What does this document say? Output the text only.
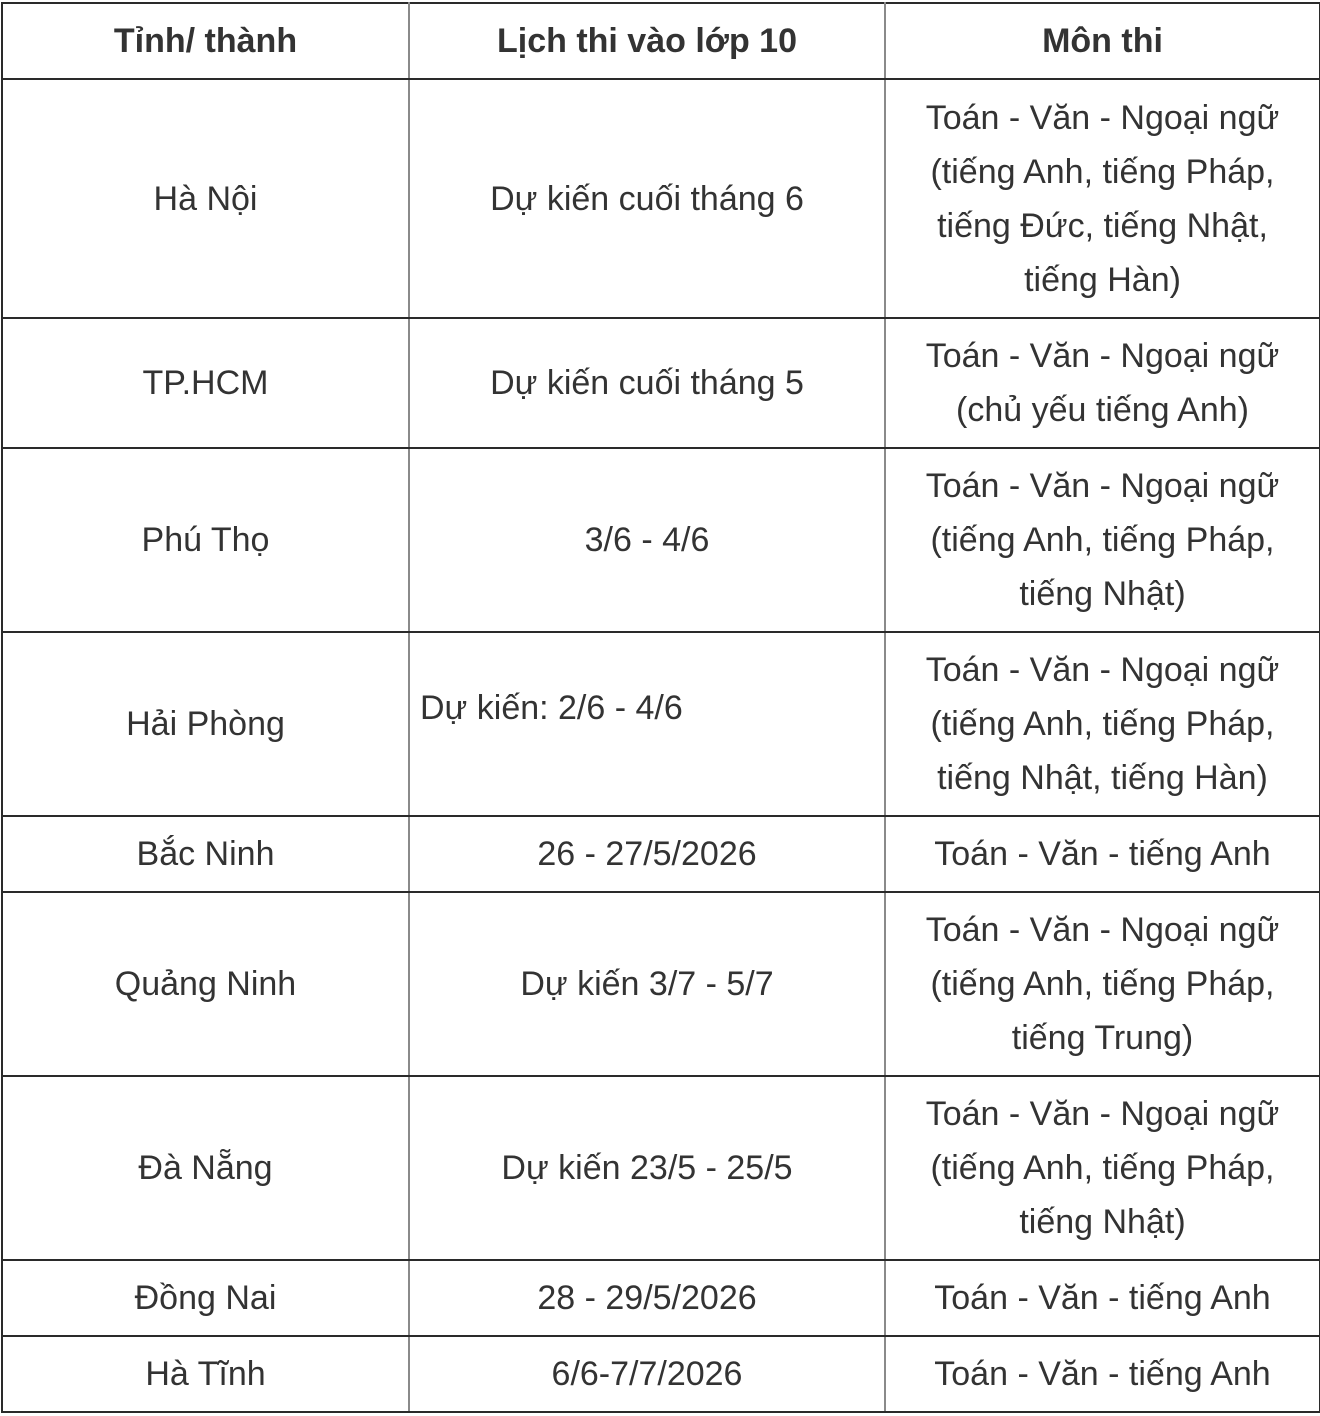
Tỉnh/ thành	Lịch thi vào lớp 10	Môn thi
Hà Nội	Dự kiến cuối tháng 6	Toán - Văn - Ngoại ngữ (tiếng Anh, tiếng Pháp, tiếng Đức, tiếng Nhật, tiếng Hàn)
TP.HCM	Dự kiến cuối tháng 5	Toán - Văn - Ngoại ngữ (chủ yếu tiếng Anh)
Phú Thọ	3/6 - 4/6	Toán - Văn - Ngoại ngữ (tiếng Anh, tiếng Pháp, tiếng Nhật)
Hải Phòng	Dự kiến: 2/6 - 4/6	Toán - Văn - Ngoại ngữ (tiếng Anh, tiếng Pháp, tiếng Nhật, tiếng Hàn)
Bắc Ninh	26 - 27/5/2026	Toán - Văn - tiếng Anh
Quảng Ninh	Dự kiến 3/7 - 5/7	Toán - Văn - Ngoại ngữ (tiếng Anh, tiếng Pháp, tiếng Trung)
Đà Nẵng	Dự kiến 23/5 - 25/5	Toán - Văn - Ngoại ngữ (tiếng Anh, tiếng Pháp, tiếng Nhật)
Đồng Nai	28 - 29/5/2026	Toán - Văn - tiếng Anh
Hà Tĩnh	6/6-7/7/2026	Toán - Văn - tiếng Anh
